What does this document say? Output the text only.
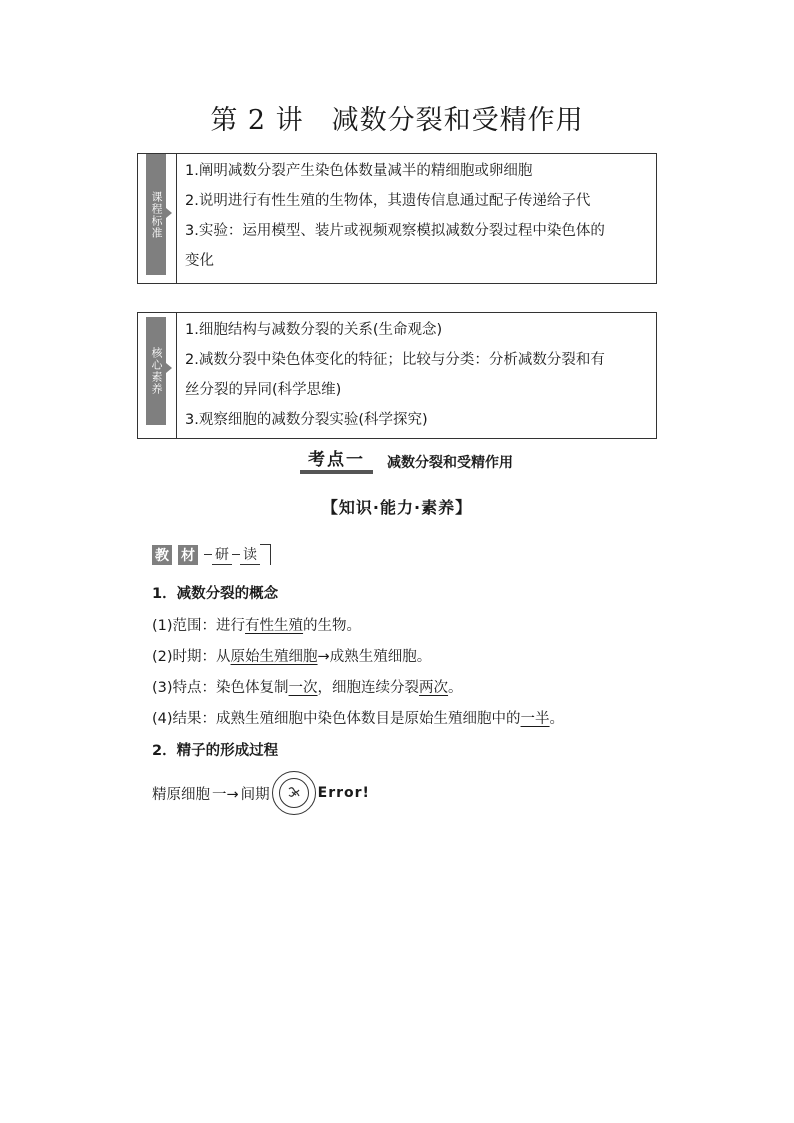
第 2 讲　减数分裂和受精作用
课程标准

1.阐明减数分裂产生染色体数量减半的精细胞或卵细胞

2.说明进行有性生殖的生物体，其遗传信息通过配子传递给子代

3.实验：运用模型、装片或视频观察模拟减数分裂过程中染色体的

变化

核心素养

1.细胞结构与减数分裂的关系(生命观念)

2.减数分裂中染色体变化的特征；比较与分类：分析减数分裂和有

丝分裂的异同(科学思维)

3.观察细胞的减数分裂实验(科学探究)

考点一	减数分裂和受精作用
【知识·能力·素养】
教 材 研 读
1．减数分裂的概念
(1)范围：进行有性生殖的生物。
(2)时期：从原始生殖细胞→成熟生殖细胞。
(3)特点：染色体复制一次，细胞连续分裂两次。
(4)结果：成熟生殖细胞中染色体数目是原始生殖细胞中的一半。
2．精子的形成过程
精原细胞 一→ 间期	Error!
